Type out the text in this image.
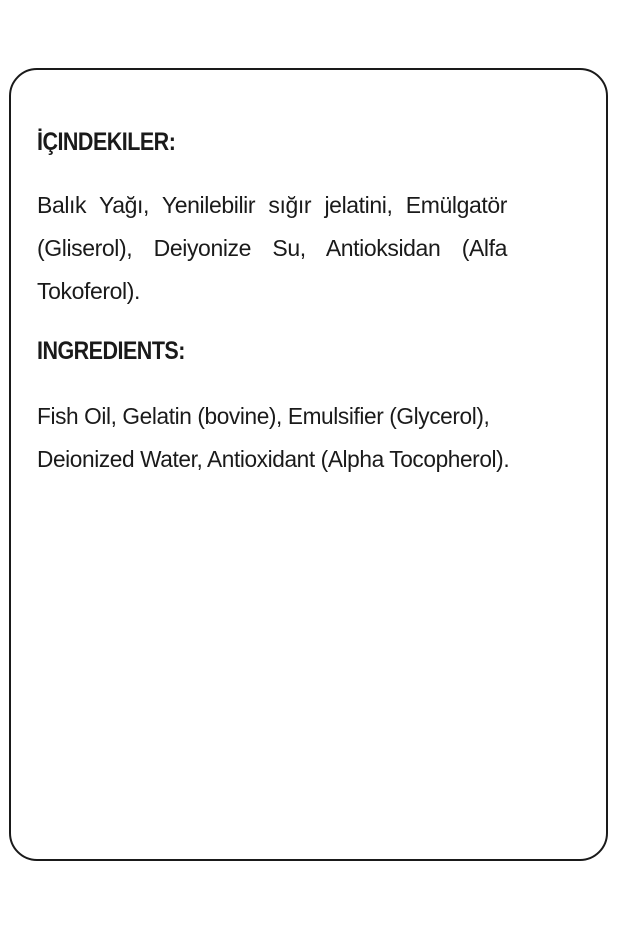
İÇINDEKILER:

Balık Yağı, Yenilebilir sığır jelatini, Emülgatör (Gliserol), Deiyonize Su, Antioksidan (Alfa Tokoferol).

INGREDIENTS:

Fish Oil, Gelatin (bovine), Emulsifier (Glycerol), Deionized Water, Antioxidant (Alpha Tocopherol).
